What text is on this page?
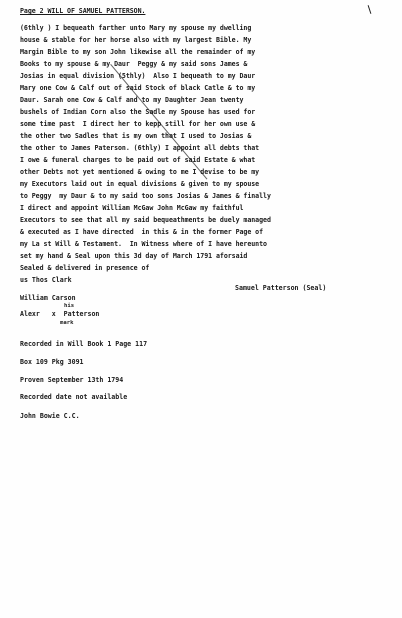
Page 2 WILL OF SAMUEL PATTERSON.
(6thly ) I bequeath farther unto Mary my spouse my dwelling
house & stable for her horse also with my largest Bible. My
Margin Bible to my son John likewise all the remainder of my
Books to my spouse & my Daur  Peggy & my said sons James &
Josias in equal division (5thly)  Also I bequeath to my Daur
Mary one Cow & Calf out of said Stock of black Catle & to my
Daur. Sarah one Cow & Calf and to my Daughter Jean twenty
bushels of Indian Corn also the Sadle my Spouse has used for
some time past  I direct her to kepp still for her own use &
the other two Sadles that is my own that I used to Josias &
the other to James Paterson. (6thly) I appoint all debts that
I owe & funeral charges to be paid out of said Estate & what
other Debts not yet mentioned & owing to me I devise to be my
my Executors laid out in equal divisions & given to my spouse
to Peggy  my Daur & to my said too sons Josias & James & finally
I direct and appoint William McGaw John McGaw my faithful
Executors to see that all my said bequeathments be duely managed
& executed as I have directed  in this & in the former Page of
my La st Will & Testament.  In Witness where of I have hereunto
set my hand & Seal upon this 3d day of March 1791 aforsaid
Sealed & delivered in presence of
us Thos Clark
Samuel Patterson (Seal)
William Carson
his
Alexr   x  Patterson
mark
Recorded in Will Book 1 Page 117
Box 109 Pkg 3091
Proven September 13th 1794
Recorded date not available
John Bowie C.C.
